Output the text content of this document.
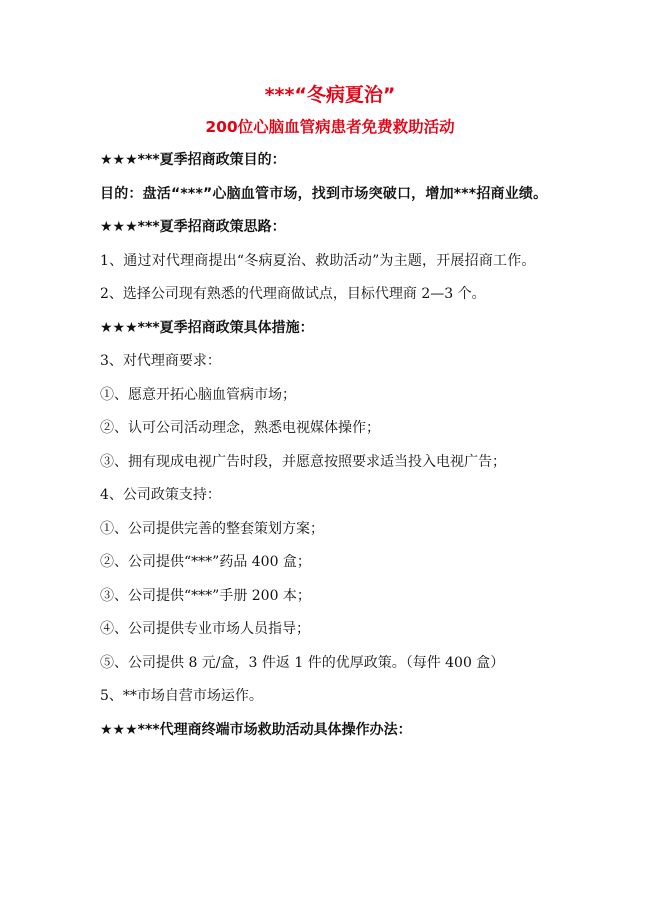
***“冬病夏治”
200位心脑血管病患者免费救助活动

★★★***夏季招商政策目的：

目的：盘活“***”心脑血管市场，找到市场突破口，增加***招商业绩。

★★★***夏季招商政策思路：

1、通过对代理商提出“冬病夏治、救助活动”为主题，开展招商工作。

2、选择公司现有熟悉的代理商做试点，目标代理商 2—3 个。

★★★***夏季招商政策具体措施：

3、对代理商要求：

①、愿意开拓心脑血管病市场；

②、认可公司活动理念，熟悉电视媒体操作；

③、拥有现成电视广告时段，并愿意按照要求适当投入电视广告；

4、公司政策支持：

①、公司提供完善的整套策划方案；

②、公司提供“***”药品 400 盒；

③、公司提供“***”手册 200 本；

④、公司提供专业市场人员指导；

⑤、公司提供 8 元/盒，3 件返 1 件的优厚政策。（每件 400 盒）

5、**市场自营市场运作。

★★★***代理商终端市场救助活动具体操作办法：
